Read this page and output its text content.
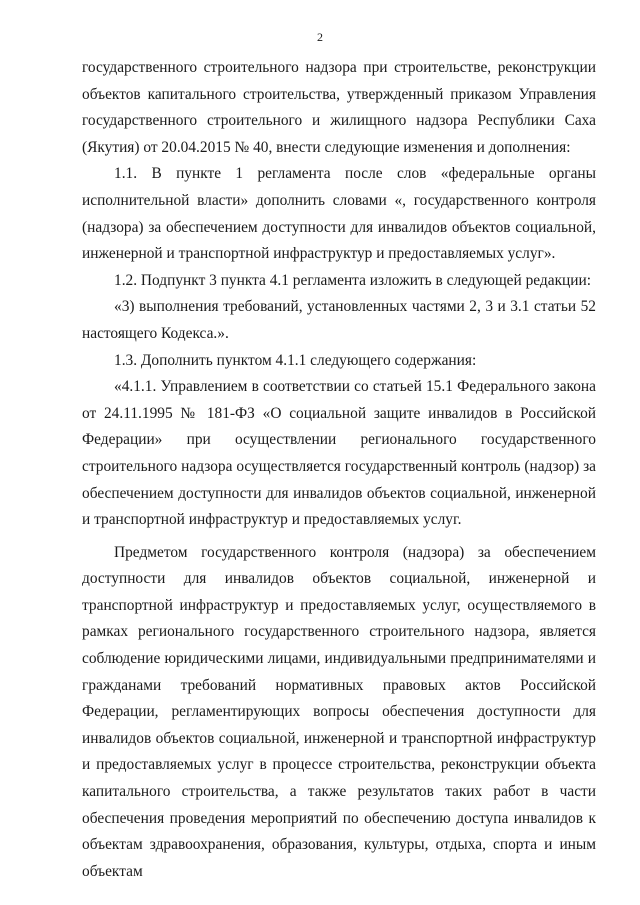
2

государственного строительного надзора при строительстве, реконструкции объектов капитального строительства, утвержденный приказом Управления государственного строительного и жилищного надзора Республики Саха (Якутия) от 20.04.2015 № 40, внести следующие изменения и дополнения:

1.1. В пункте 1 регламента после слов «федеральные органы исполнительной власти» дополнить словами «, государственного контроля (надзора) за обеспечением доступности для инвалидов объектов социальной, инженерной и транспортной инфраструктур и предоставляемых услуг».

1.2. Подпункт 3 пункта 4.1 регламента изложить в следующей редакции:

«3) выполнения требований, установленных частями 2, 3 и 3.1 статьи 52 настоящего Кодекса.».

1.3. Дополнить пунктом 4.1.1 следующего содержания:

«4.1.1. Управлением в соответствии со статьей 15.1 Федерального закона от 24.11.1995 № 181-ФЗ «О социальной защите инвалидов в Российской Федерации» при осуществлении регионального государственного строительного надзора осуществляется государственный контроль (надзор) за обеспечением доступности для инвалидов объектов социальной, инженерной и транспортной инфраструктур и предоставляемых услуг.

Предметом государственного контроля (надзора) за обеспечением доступности для инвалидов объектов социальной, инженерной и транспортной инфраструктур и предоставляемых услуг, осуществляемого в рамках регионального государственного строительного надзора, является соблюдение юридическими лицами, индивидуальными предпринимателями и гражданами требований нормативных правовых актов Российской Федерации, регламентирующих вопросы обеспечения доступности для инвалидов объектов социальной, инженерной и транспортной инфраструктур и предоставляемых услуг в процессе строительства, реконструкции объекта капитального строительства, а также результатов таких работ в части обеспечения проведения мероприятий по обеспечению доступа инвалидов к объектам здравоохранения, образования, культуры, отдыха, спорта и иным объектам
